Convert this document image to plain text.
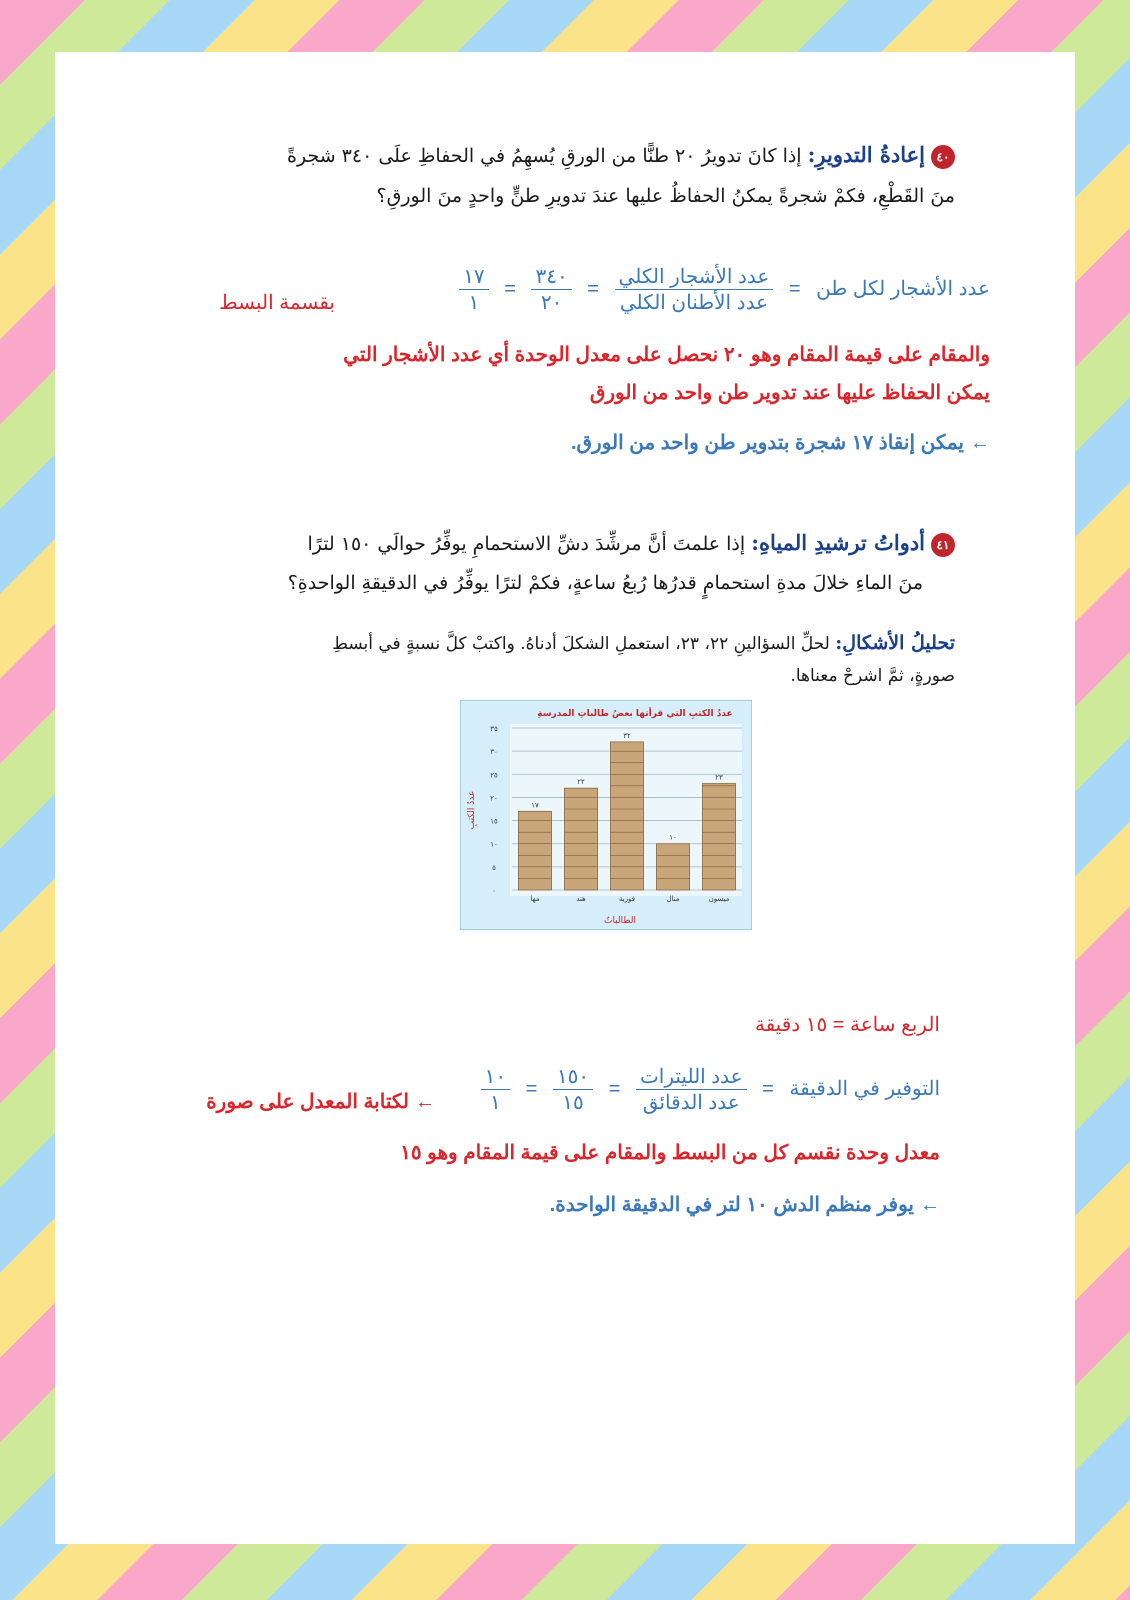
٤٠إعادةُ التدويرِ: إذا كانَ تدويرُ ٢٠ طنًّا من الورقِ يُسهِمُ في الحفاظِ علَى ٣٤٠ شجرةً
منَ القَطْعِ، فكمْ شجرةً يمكنُ الحفاظُ عليها عندَ تدويرِ طنٍّ واحدٍ منَ الورقِ؟
عدد الأشجار لكل طن =
$\frac{\text{عدد الأشجار الكلي}}{\text{عدد الأطنان الكلي}}$
=
$\frac{٣٤٠}{٢٠}$
=
$\frac{١٧}{١}$
بقسمة البسط
والمقام على قيمة المقام وهو ٢٠ نحصل على معدل الوحدة أي عدد الأشجار التي
يمكن الحفاظ عليها عند تدوير طن واحد من الورق
←يمكن إنقاذ ١٧ شجرة بتدوير طن واحد من الورق.
٤١أدواتُ ترشيدِ المياهِ: إذا علمتَ أنَّ مرشِّدَ دشِّ الاستحمامِ يوفِّرُ حوالَي ١٥٠ لترًا
منَ الماءِ خلالَ مدةِ استحمامٍ قدرُها رُبعُ ساعةٍ، فكمْ لترًا يوفِّرُ في الدقيقةِ الواحدةِ؟
تحليلُ الأشكالِ: لحلِّ السؤالينِ ٢٢، ٢٣، استعملِ الشكلَ أدناهُ. واكتبْ كلَّ نسبةٍ في أبسطِ
صورةٍ، ثمَّ اشرحْ معناها.
عددُ الكتبِ التي قرأتها بعضُ طالباتِ المدرسةِ
عددُ الكتبِ
الطالباتُ
٠
٥
١٠
١٥
٢٠
٢٥
٣٠
٣٥
١٧
مها
٢٢
هند
٣٢
فوزية
١٠
منال
٢٣
ميسون
الربع ساعة = ١٥ دقيقة
التوفير في الدقيقة =
$\frac{\text{عدد الليترات}}{\text{عدد الدقائق}}$
=
$\frac{١٥٠}{١٥}$
=
$\frac{١٠}{١}$
←لكتابة المعدل على صورة
معدل وحدة نقسم كل من البسط والمقام على قيمة المقام وهو ١٥
←يوفر منظم الدش ١٠ لتر في الدقيقة الواحدة.
